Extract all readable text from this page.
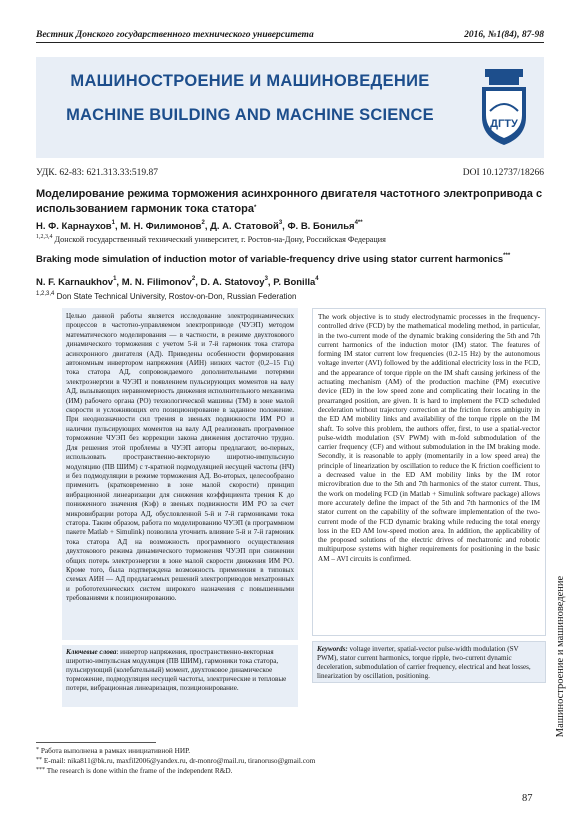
Вестник Донского государственного технического университета	2016, №1(84), 87-98
МАШИНОСТРОЕНИЕ И МАШИНОВЕДЕНИЕ
MACHINE BUILDING AND MACHINE SCIENCE	ДГТУ
УДК. 62-83: 621.313.33:519.87	DOI 10.12737/18266
Моделирование режима торможения асинхронного двигателя частотного электропривода с использованием гармоник тока статора*
Н. Ф. Карнаухов$^1$, М. Н. Филимонов$^2$, Д. А. Статовой$^3$, Ф. В. Бонилья$^{4**}$
$^{1,2,3,4}$ Донской государственный технический университет, г. Ростов-на-Дону, Российская Федерация
Braking mode simulation of induction motor of variable-frequency drive using stator current harmonics***
N. F. Karnaukhov$^1$, M. N. Filimonov$^2$, D. A. Statovoy$^3$, P. Bonilla$^4$
$^{1,2,3,4}$ Don State Technical University, Rostov-on-Don, Russian Federation

Целью данной работы является исследование электродинамических процессов в частотно-управляемом электроприводе (ЧУЭП) методом математического моделирования — в частности, в режиме двухтокового динамического торможения с учетом 5-й и 7-й гармоник тока статора асинхронного двигателя (АД). Приведены особенности формирования автономным инвертором напряжения (АИН) низких частот (0,2–15 Гц) тока статора АД, сопровождаемого дополнительными потерями электроэнергии в ЧУЭП и появлением пульсирующих моментов на валу АД, вызывающих неравномерность движения исполнительного механизма (ИМ) рабочего органа (РО) технологической машины (ТМ) в зоне малой скорости и усложняющих его позиционирование в заданное положение. При неоднозначности сил трения в звеньях подвижности ИМ РО и наличии пульсирующих моментов на валу АД реализовать программное торможение ЧУЭП без коррекции закона движения достаточно трудно. Для решения этой проблемы в ЧУЭП авторы предлагают, во-первых, использовать пространственно-векторную широтно-импульсную модуляцию (ПВ ШИМ) с т-кратной подмодуляцией несущей частоты (НЧ) и без подмодуляции в режиме торможения АД. Во-вторых, целесообразно применить (кратковременно в зоне малой скорости) принцип вибрационной линеаризации для снижения коэффициента трения К до пониженного значения (Кэф) в звеньях подвижности ИМ РО за счет микровибрации ротора АД, обусловленной 5-й и 7-й гармониками тока статора. Таким образом, работа по моделированию ЧУЭП (в программном пакете Matlab + Simulink) позволила уточнить влияние 5-й и 7-й гармоник тока статора АД на возможность программного осуществления двухтокового режима динамического торможения ЧУЭП при снижении общих потерь электроэнергии в зоне малой скорости движения ИМ РО. Кроме того, была подтверждена возможность применения в типовых схемах АИН — АД предлагаемых решений электроприводов мехатронных и робототехнических систем широкого назначения с повышенными требованиями к позиционированию.

The work objective is to study electrodynamic processes in the frequency-controlled drive (FCD) by the mathematical modeling method, in particular, in the two-current mode of the dynamic braking considering the 5th and 7th current harmonics of the induction motor (IM) stator. The features of forming IM stator current low frequencies (0.2-15 Hz) by the autonomous voltage inverter (AVI) followed by the additional electricity loss in the FCD, and the appearance of torque ripple on the IM shaft causing jerkiness of the actuating mechanism (AM) of the production machine (PM) executive device (ED) in the low speed zone and complicating their locating in the prearranged position, are given. It is hard to implement the FCD scheduled deceleration without trajectory correction at the friction forces ambiguity in the ED AM mobility links and availability of the torque ripple on the IM shaft. To solve this problem, the authors offer, first, to use a spatial-vector pulse-width modulation (SV PWM) with m-fold submodulation of the carrier frequency (CF) and without submodulation in the IM braking mode. Secondly, it is reasonable to apply (momentarily in a low speed area) the principle of linearization by oscillation to reduce the K friction coefficient to a decreased value in the ED AM mobility links by the IM rotor microvibration due to the 5th and 7th harmonics of the stator current. Thus, the work on modeling FCD (in Matlab + Simulink software package) allows more accurately define the impact of the 5th and 7th harmonics of the IM stator current on the capability of the software implementation of the two-current mode of the FCD dynamic braking while reducing the total energy loss in the ED AM low-speed motion area. In addition, the applicability of the proposed solutions of the electric drives of mechatronic and robotic multipurpose systems with higher requirements for positioning in the basic AM – AVI circuits is confirmed.

Ключевые слова: инвертор напряжения, пространственно-векторная широтно-импульсная модуляция (ПВ ШИМ), гармоники тока статора, пульсирующий (колебательный) момент, двухтоковое динамическое торможение, подмодуляция несущей частоты, электрические и тепловые потери, вибрационная линеаризация, позиционирование.

Keywords: voltage inverter, spatial-vector pulse-width modulation (SV PWM), stator current harmonics, torque ripple, two-current dynamic deceleration, submodulation of carrier frequency, electrical and heat losses, linearization by oscillation, positioning.

* Работа выполнена в рамках инициативной НИР.
** E-mail: nika811@bk.ru, maxfil2006@yandex.ru, dr-monro@mail.ru, tiranoruso@gmail.com
*** The research is done within the frame of the independent R&D.
Машиностроение и машиноведение
87
